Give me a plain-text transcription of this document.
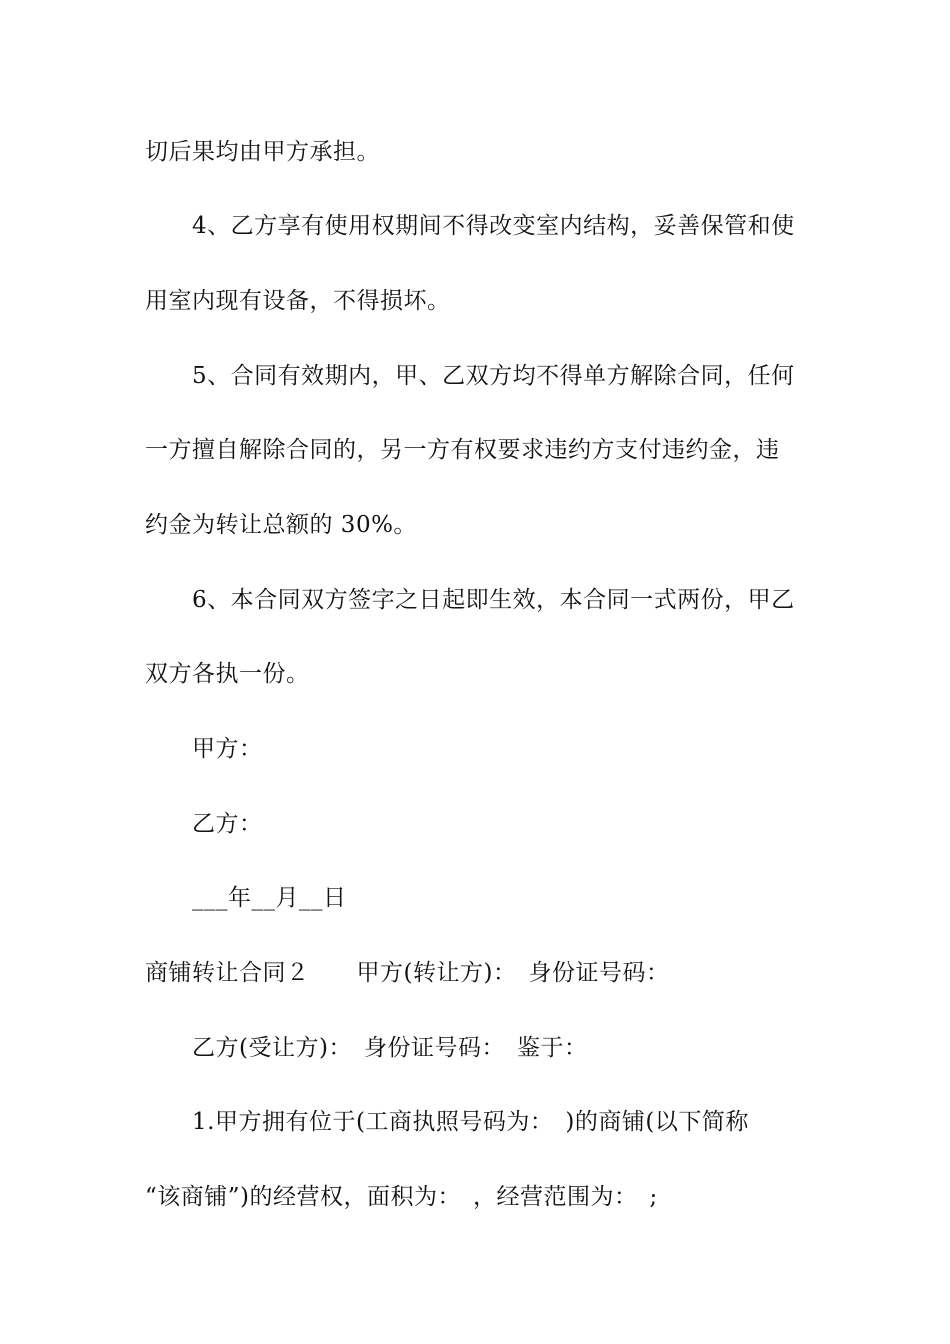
切后果均由甲方承担。
4、乙方享有使用权期间不得改变室内结构，妥善保管和使
用室内现有设备，不得损坏。
5、合同有效期内，甲、乙双方均不得单方解除合同，任何
一方擅自解除合同的，另一方有权要求违约方支付违约金，违
约金为转让总额的 30%。
6、本合同双方签字之日起即生效，本合同一式两份，甲乙
双方各执一份。
甲方：
乙方：
___年__月__日
商铺转让合同２　　甲方(转让方)：　身份证号码：
乙方(受让方)：　身份证号码：　鉴于：
1.甲方拥有位于(工商执照号码为：　)的商铺(以下简称
“该商铺”)的经营权，面积为：　，经营范围为：　;
